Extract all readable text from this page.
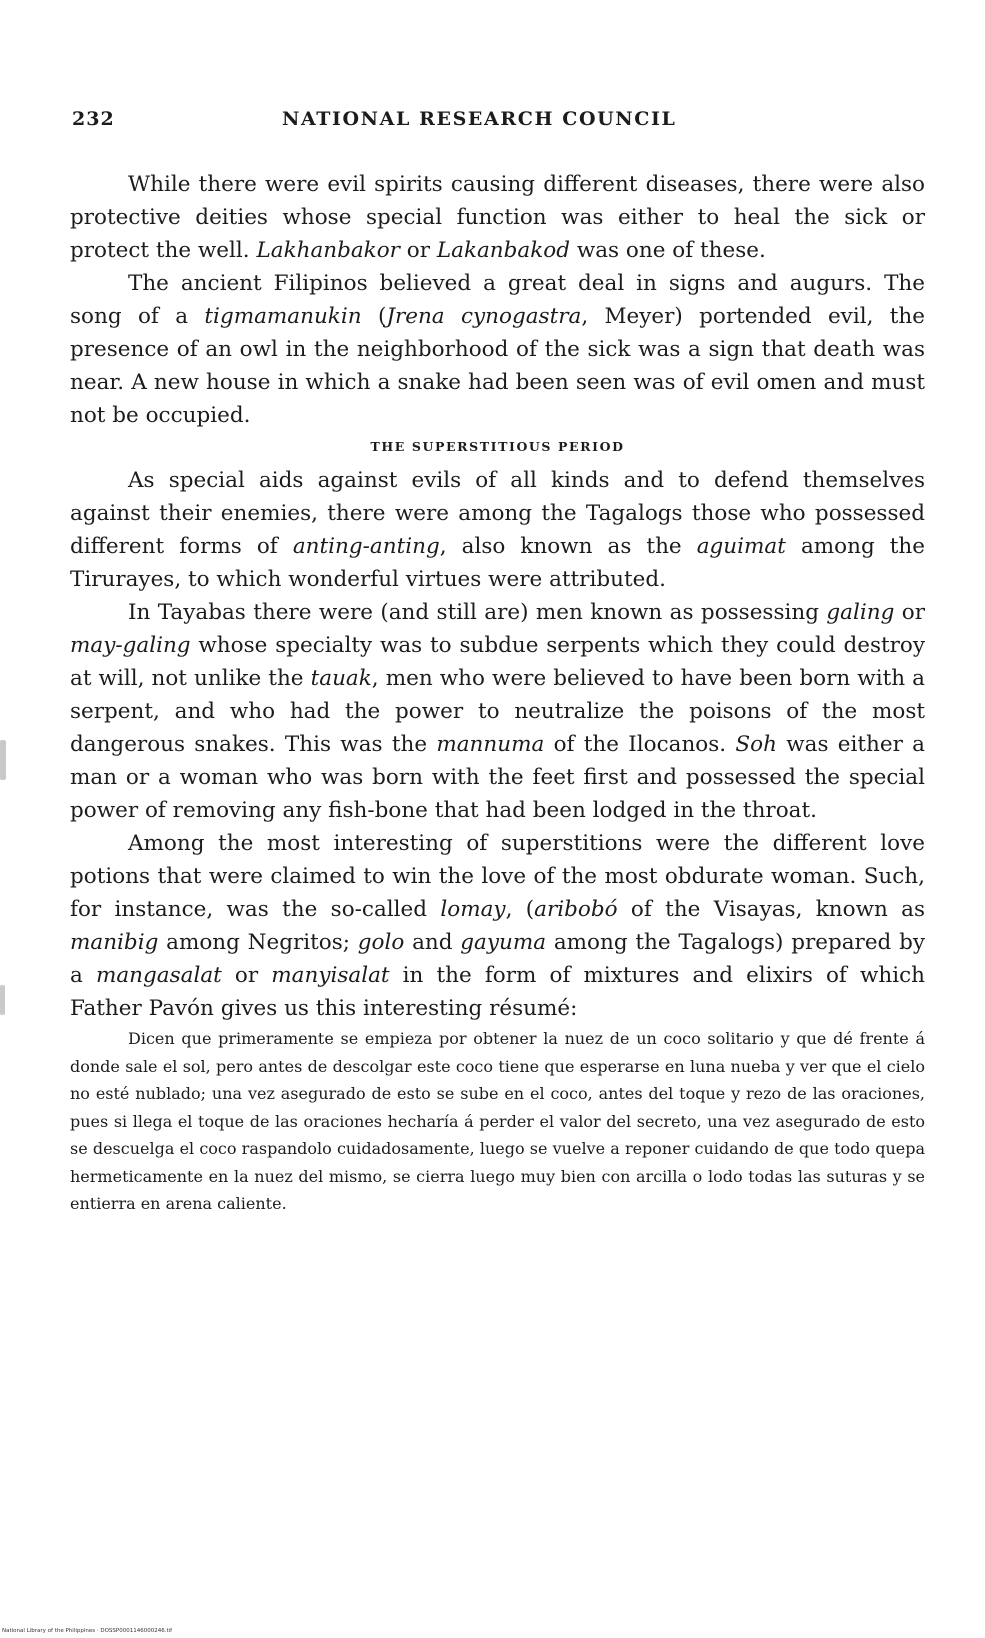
232	NATIONAL RESEARCH COUNCIL

While there were evil spirits causing different diseases, there were also protective deities whose special function was either to heal the sick or protect the well. Lakhanbakor or Lakanbakod was one of these.

The ancient Filipinos believed a great deal in signs and augurs. The song of a tigmamanukin (Jrena cynogastra, Meyer) portended evil, the presence of an owl in the neighborhood of the sick was a sign that death was near. A new house in which a snake had been seen was of evil omen and must not be occupied.

THE SUPERSTITIOUS PERIOD

As special aids against evils of all kinds and to defend themselves against their enemies, there were among the Tagalogs those who possessed different forms of anting-anting, also known as the aguimat among the Tirurayes, to which wonderful virtues were attributed.

In Tayabas there were (and still are) men known as possessing galing or may-galing whose specialty was to subdue serpents which they could destroy at will, not unlike the tauak, men who were believed to have been born with a serpent, and who had the power to neutralize the poisons of the most dangerous snakes. This was the mannuma of the Ilocanos. Soh was either a man or a woman who was born with the feet first and possessed the special power of removing any fish-bone that had been lodged in the throat.

Among the most interesting of superstitions were the different love potions that were claimed to win the love of the most obdurate woman. Such, for instance, was the so-called lomay, (aribobó of the Visayas, known as manibig among Negritos; golo and gayuma among the Tagalogs) prepared by a mangasalat or manyisalat in the form of mixtures and elixirs of which Father Pavón gives us this interesting résumé:

Dicen que primeramente se empieza por obtener la nuez de un coco solitario y que dé frente á donde sale el sol, pero antes de descolgar este coco tiene que esperarse en luna nueba y ver que el cielo no esté nublado; una vez asegurado de esto se sube en el coco, antes del toque y rezo de las oraciones, pues si llega el toque de las oraciones hecharía á perder el valor del secreto, una vez asegurado de esto se descuelga el coco raspandolo cuidadosamente, luego se vuelve a reponer cuidando de que todo quepa hermeticamente en la nuez del mismo, se cierra luego muy bien con arcilla o lodo todas las suturas y se entierra en arena caliente.

National Library of the Philippines · DOSSP0001146000246.tif
